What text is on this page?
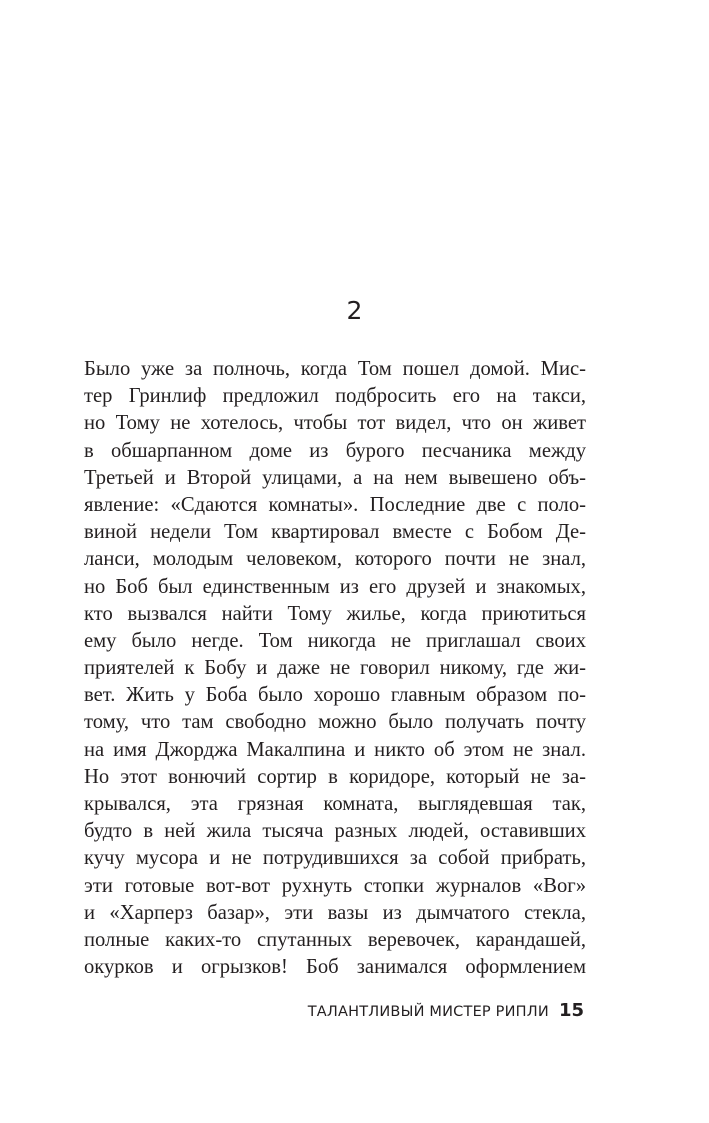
2
Было уже за полночь, когда Том пошел домой. Мис-
тер Гринлиф предложил подбросить его на такси,
но Тому не хотелось, чтобы тот видел, что он живет
в обшарпанном доме из бурого песчаника между
Третьей и Второй улицами, а на нем вывешено объ-
явление: «Сдаются комнаты». Последние две с поло-
виной недели Том квартировал вместе с Бобом Де-
ланси, молодым человеком, которого почти не знал,
но Боб был единственным из его друзей и знакомых,
кто вызвался найти Тому жилье, когда приютиться
ему было негде. Том никогда не приглашал своих
приятелей к Бобу и даже не говорил никому, где жи-
вет. Жить у Боба было хорошо главным образом по-
тому, что там свободно можно было получать почту
на имя Джорджа Макалпина и никто об этом не знал.
Но этот вонючий сортир в коридоре, который не за-
крывался, эта грязная комната, выглядевшая так,
будто в ней жила тысяча разных людей, оставивших
кучу мусора и не потрудившихся за собой прибрать,
эти готовые вот-вот рухнуть стопки журналов «Вог»
и «Харперз базар», эти вазы из дымчатого стекла,
полные каких-то спутанных веревочек, карандашей,
окурков и огрызков! Боб занимался оформлением
ТАЛАНТЛИВЫЙ МИСТЕР РИПЛИ 15
